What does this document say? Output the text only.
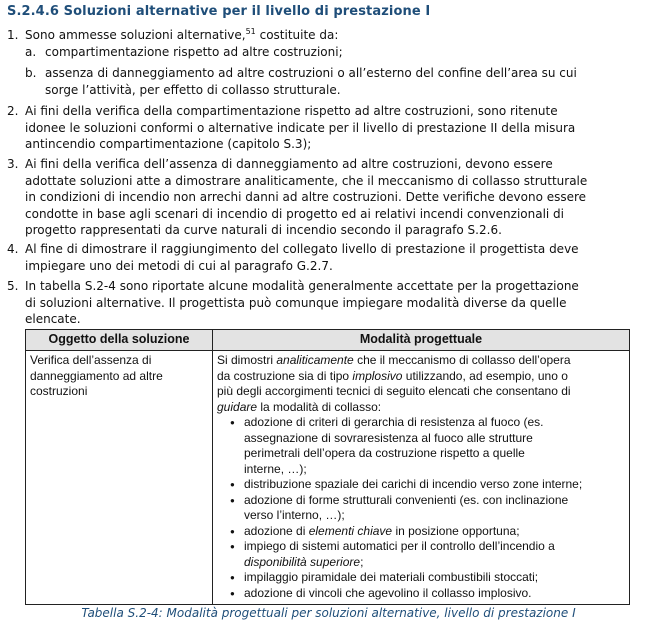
S.2.4.6 Soluzioni alternative per il livello di prestazione I
1. Sono ammesse soluzioni alternative,$^{51}$ costituite da:
a. compartimentazione rispetto ad altre costruzioni;
b. assenza di danneggiamento ad altre costruzioni o all’esterno del confine dell’area su cui
sorge l’attività, per effetto di collasso strutturale.
2. Ai fini della verifica della compartimentazione rispetto ad altre costruzioni, sono ritenute
idonee le soluzioni conformi o alternative indicate per il livello di prestazione II della misura
antincendio compartimentazione (capitolo S.3);
3. Ai fini della verifica dell’assenza di danneggiamento ad altre costruzioni, devono essere
adottate soluzioni atte a dimostrare analiticamente, che il meccanismo di collasso strutturale
in condizioni di incendio non arrechi danni ad altre costruzioni. Dette verifiche devono essere
condotte in base agli scenari di incendio di progetto ed ai relativi incendi convenzionali di
progetto rappresentati da curve naturali di incendio secondo il paragrafo S.2.6.
4. Al fine di dimostrare il raggiungimento del collegato livello di prestazione il progettista deve
impiegare uno dei metodi di cui al paragrafo G.2.7.
5. In tabella S.2-4 sono riportate alcune modalità generalmente accettate per la progettazione
di soluzioni alternative. Il progettista può comunque impiegare modalità diverse da quelle
elencate.
Oggetto della soluzione	Modalità progettuale
Verifica dell’assenza di
danneggiamento ad altre
costruzioni
Si dimostri analiticamente che il meccanismo di collasso dell’opera
da costruzione sia di tipo implosivo utilizzando, ad esempio, uno o
più degli accorgimenti tecnici di seguito elencati che consentano di
guidare la modalità di collasso:
● adozione di criteri di gerarchia di resistenza al fuoco (es.
assegnazione di sovraresistenza al fuoco alle strutture
perimetrali dell’opera da costruzione rispetto a quelle
interne, …);
● distribuzione spaziale dei carichi di incendio verso zone interne;
● adozione di forme strutturali convenienti (es. con inclinazione
verso l’interno, …);
● adozione di elementi chiave in posizione opportuna;
● impiego di sistemi automatici per il controllo dell’incendio a
disponibilità superiore;
● impilaggio piramidale dei materiali combustibili stoccati;
● adozione di vincoli che agevolino il collasso implosivo.
Tabella S.2-4: Modalità progettuali per soluzioni alternative, livello di prestazione I
